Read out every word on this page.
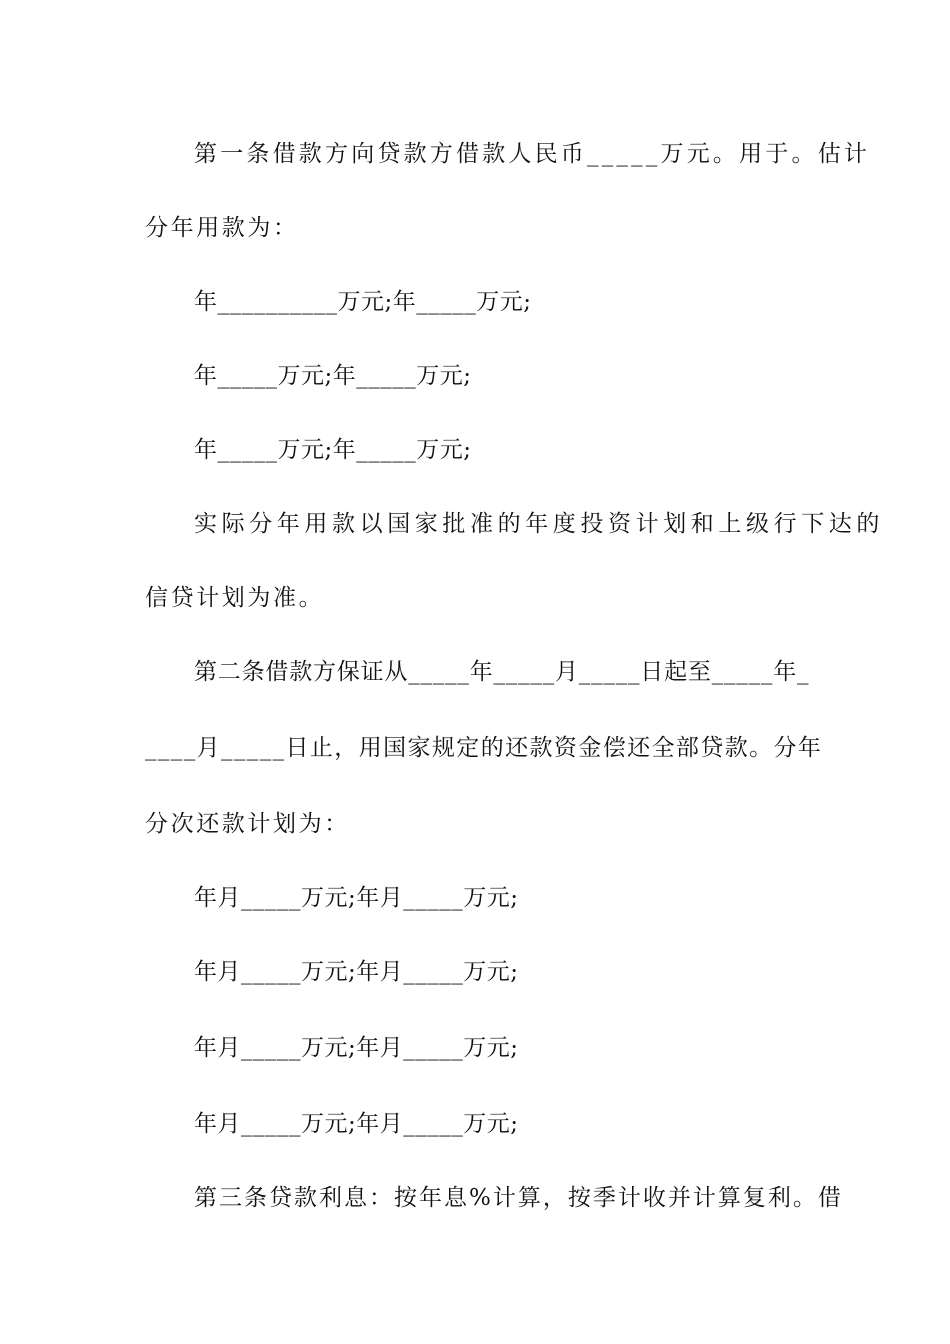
第一条借款方向贷款方借款人民币_____万元。用于。估计
分年用款为：
年__________万元;年_____万元;
年_____万元;年_____万元;
年_____万元;年_____万元;
实际分年用款以国家批准的年度投资计划和上级行下达的
信贷计划为准。
第二条借款方保证从_____年_____月_____日起至_____年_
____月_____日止，用国家规定的还款资金偿还全部贷款。分年
分次还款计划为：
年月_____万元;年月_____万元;
年月_____万元;年月_____万元;
年月_____万元;年月_____万元;
年月_____万元;年月_____万元;
第三条贷款利息：按年息%计算，按季计收并计算复利。借
